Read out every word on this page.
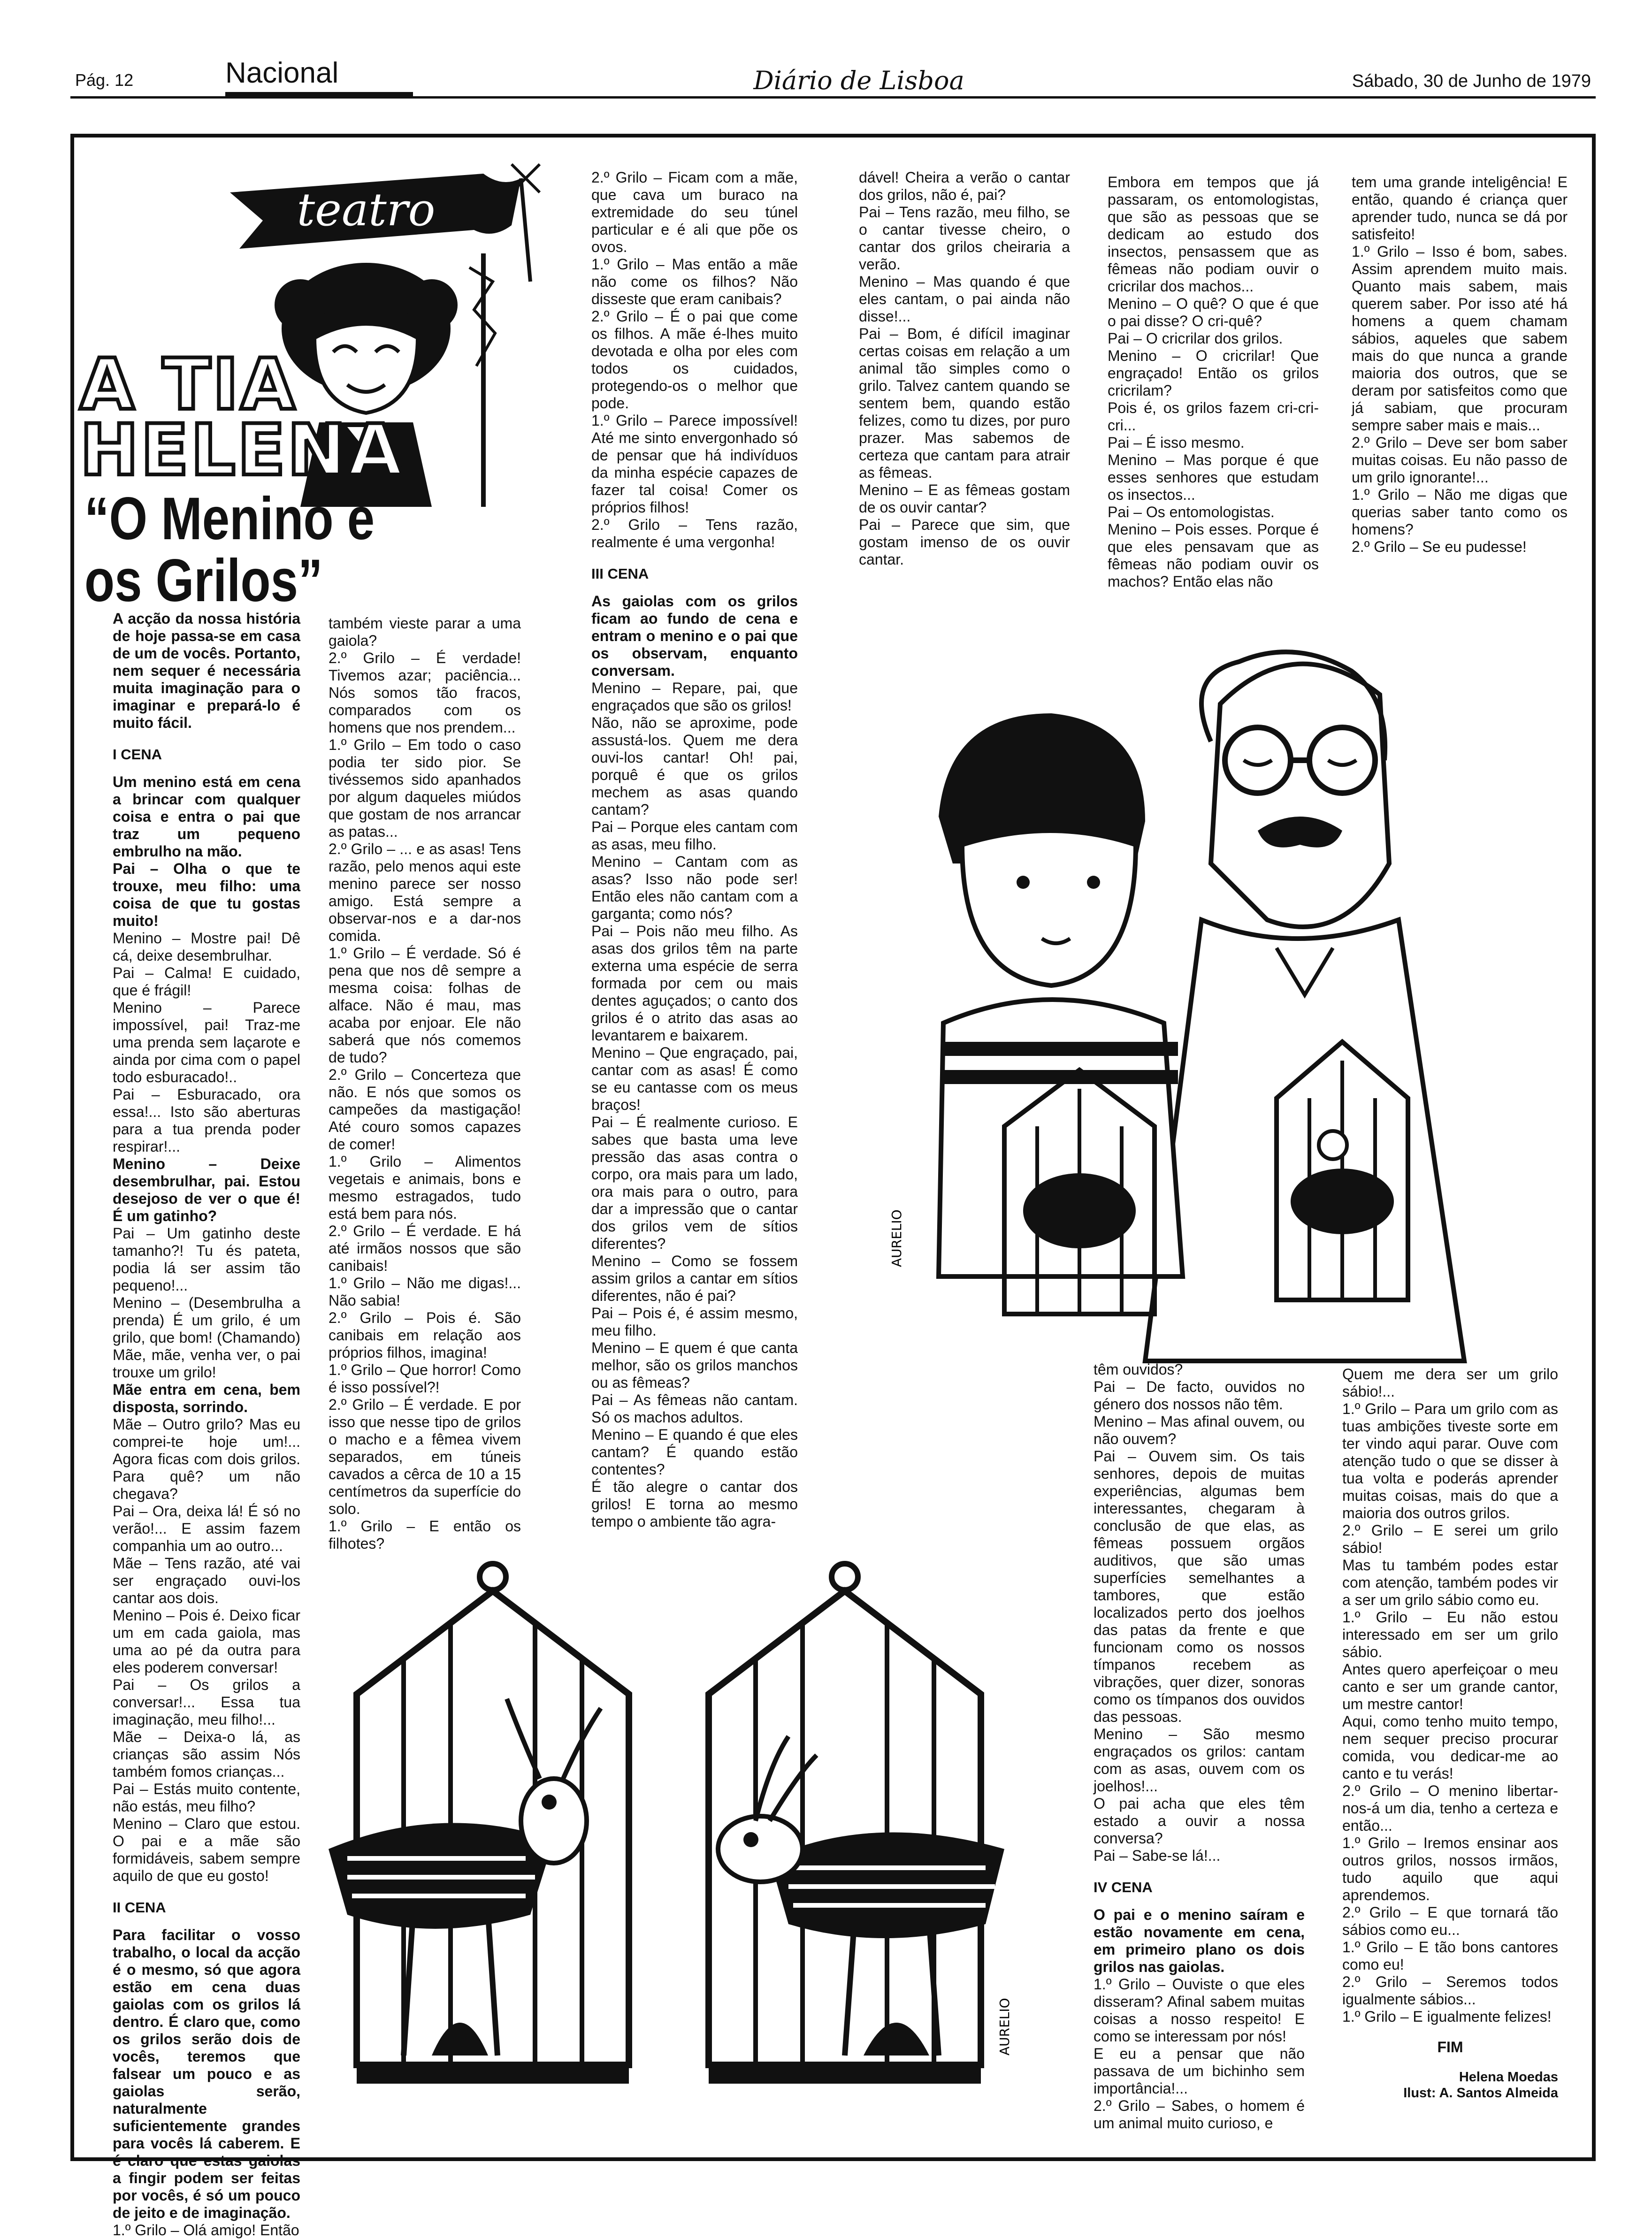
Pág. 12	Nacional	Diário de Lisboa	Sábado, 30 de Junho de 1979
teatro
A TIA
HELENA
“O Menino e os Grilos”

A acção da nossa história de hoje passa-se em casa de um de vocês. Portanto, nem sequer é necessária muita imaginação para o imaginar e prepará-lo é muito fácil.

I CENA

Um menino está em cena a brincar com qualquer coisa e entra o pai que traz um pequeno embrulho na mão.

Pai – Olha o que te trouxe, meu filho: uma coisa de que tu gostas muito!

Menino – Mostre pai! Dê cá, deixe desembrulhar.

Pai – Calma! E cuidado, que é frágil!

Menino – Parece impossível, pai! Traz-me uma prenda sem laçarote e ainda por cima com o papel todo esburacado!..

Pai – Esburacado, ora essa!... Isto são aberturas para a tua prenda poder respirar!...

Menino – Deixe desembrulhar, pai. Estou desejoso de ver o que é! É um gatinho?

Pai – Um gatinho deste tamanho?! Tu és pateta, podia lá ser assim tão pequeno!...

Menino – (Desembrulha a prenda) É um grilo, é um grilo, que bom! (Chamando) Mãe, mãe, venha ver, o pai trouxe um grilo!

Mãe entra em cena, bem disposta, sorrindo.

Mãe – Outro grilo? Mas eu comprei-te hoje um!... Agora ficas com dois grilos. Para quê? um não chegava?

Pai – Ora, deixa lá! É só no verão!... E assim fazem companhia um ao outro...

Mãe – Tens razão, até vai ser engraçado ouvi-los cantar aos dois.

Menino – Pois é. Deixo ficar um em cada gaiola, mas uma ao pé da outra para eles poderem conversar!

Pai – Os grilos a conversar!... Essa tua imaginação, meu filho!...

Mãe – Deixa-o lá, as crianças são assim Nós também fomos crianças...

Pai – Estás muito contente, não estás, meu filho?

Menino – Claro que estou. O pai e a mãe são formidáveis, sabem sempre aquilo de que eu gosto!

II CENA

Para facilitar o vosso trabalho, o local da acção é o mesmo, só que agora estão em cena duas gaiolas com os grilos lá dentro. É claro que, como os grilos serão dois de vocês, teremos que falsear um pouco e as gaiolas serão, naturalmente suficientemente grandes para vocês lá caberem. E é claro que estas gaiolas a fingir podem ser feitas por vocês, é só um pouco de jeito e de imaginação.

1.º Grilo – Olá amigo! Então

também vieste parar a uma gaiola?

2.º Grilo – É verdade! Tivemos azar; paciência... Nós somos tão fracos, comparados com os homens que nos prendem...

1.º Grilo – Em todo o caso podia ter sido pior. Se tivéssemos sido apanhados por algum daqueles miúdos que gostam de nos arrancar as patas...

2.º Grilo – ... e as asas! Tens razão, pelo menos aqui este menino parece ser nosso amigo. Está sempre a observar-nos e a dar-nos comida.

1.º Grilo – É verdade. Só é pena que nos dê sempre a mesma coisa: folhas de alface. Não é mau, mas acaba por enjoar. Ele não saberá que nós comemos de tudo?

2.º Grilo – Concerteza que não. E nós que somos os campeões da mastigação! Até couro somos capazes de comer!

1.º Grilo – Alimentos vegetais e animais, bons e mesmo estragados, tudo está bem para nós.

2.º Grilo – É verdade. E há até irmãos nossos que são canibais!

1.º Grilo – Não me digas!... Não sabia!

2.º Grilo – Pois é. São canibais em relação aos próprios filhos, imagina!

1.º Grilo – Que horror! Como é isso possível?!

2.º Grilo – É verdade. E por isso que nesse tipo de grilos o macho e a fêmea vivem separados, em túneis cavados a cêrca de 10 a 15 centímetros da superfície do solo.

1.º Grilo – E então os filhotes?

2.º Grilo – Ficam com a mãe, que cava um buraco na extremidade do seu túnel particular e é ali que põe os ovos.

1.º Grilo – Mas então a mãe não come os filhos? Não disseste que eram canibais?

2.º Grilo – É o pai que come os filhos. A mãe é-lhes muito devotada e olha por eles com todos os cuidados, protegendo-os o melhor que pode.

1.º Grilo – Parece impossível! Até me sinto envergonhado só de pensar que há indivíduos da minha espécie capazes de fazer tal coisa! Comer os próprios filhos!

2.º Grilo – Tens razão, realmente é uma vergonha!

III CENA

As gaiolas com os grilos ficam ao fundo de cena e entram o menino e o pai que os observam, enquanto conversam.

Menino – Repare, pai, que engraçados que são os grilos!

Não, não se aproxime, pode assustá-los. Quem me dera ouvi-los cantar! Oh! pai, porquê é que os grilos mechem as asas quando cantam?

Pai – Porque eles cantam com as asas, meu filho.

Menino – Cantam com as asas? Isso não pode ser! Então eles não cantam com a garganta; como nós?

Pai – Pois não meu filho. As asas dos grilos têm na parte externa uma espécie de serra formada por cem ou mais dentes aguçados; o canto dos grilos é o atrito das asas ao levantarem e baixarem.

Menino – Que engraçado, pai, cantar com as asas! É como se eu cantasse com os meus braços!

Pai – É realmente curioso. E sabes que basta uma leve pressão das asas contra o corpo, ora mais para um lado, ora mais para o outro, para dar a impressão que o cantar dos grilos vem de sítios diferentes?

Menino – Como se fossem assim grilos a cantar em sítios diferentes, não é pai?

Pai – Pois é, é assim mesmo, meu filho.

Menino – E quem é que canta melhor, são os grilos manchos ou as fêmeas?

Pai – As fêmeas não cantam. Só os machos adultos.

Menino – E quando é que eles cantam? É quando estão contentes?

É tão alegre o cantar dos grilos! E torna ao mesmo tempo o ambiente tão agra-

dável! Cheira a verão o cantar dos grilos, não é, pai?

Pai – Tens razão, meu filho, se o cantar tivesse cheiro, o cantar dos grilos cheiraria a verão.

Menino – Mas quando é que eles cantam, o pai ainda não disse!...

Pai – Bom, é difícil imaginar certas coisas em relação a um animal tão simples como o grilo. Talvez cantem quando se sentem bem, quando estão felizes, como tu dizes, por puro prazer. Mas sabemos de certeza que cantam para atrair as fêmeas.

Menino – E as fêmeas gostam de os ouvir cantar?

Pai – Parece que sim, que gostam imenso de os ouvir cantar.

Embora em tempos que já passaram, os entomologistas, que são as pessoas que se dedicam ao estudo dos insectos, pensassem que as fêmeas não podiam ouvir o cricrilar dos machos...

Menino – O quê? O que é que o pai disse? O cri-quê?

Pai – O cricrilar dos grilos.

Menino – O cricrilar! Que engraçado! Então os grilos cricrilam?

Pois é, os grilos fazem cri-cri-cri...

Pai – É isso mesmo.

Menino – Mas porque é que esses senhores que estudam os insectos...

Pai – Os entomologistas.

Menino – Pois esses. Porque é que eles pensavam que as fêmeas não podiam ouvir os machos? Então elas não

tem uma grande inteligência! E então, quando é criança quer aprender tudo, nunca se dá por satisfeito!

1.º Grilo – Isso é bom, sabes. Assim aprendem muito mais. Quanto mais sabem, mais querem saber. Por isso até há homens a quem chamam sábios, aqueles que sabem mais do que nunca a grande maioria dos outros, que se deram por satisfeitos como que já sabiam, que procuram sempre saber mais e mais...

2.º Grilo – Deve ser bom saber muitas coisas. Eu não passo de um grilo ignorante!...

1.º Grilo – Não me digas que querias saber tanto como os homens?

2.º Grilo – Se eu pudesse!

têm ouvidos?

Pai – De facto, ouvidos no género dos nossos não têm.

Menino – Mas afinal ouvem, ou não ouvem?

Pai – Ouvem sim. Os tais senhores, depois de muitas experiências, algumas bem interessantes, chegaram à conclusão de que elas, as fêmeas possuem orgãos auditivos, que são umas superfícies semelhantes a tambores, que estão localizados perto dos joelhos das patas da frente e que funcionam como os nossos tímpanos recebem as vibrações, quer dizer, sonoras como os tímpanos dos ouvidos das pessoas.

Menino – São mesmo engraçados os grilos: cantam com as asas, ouvem com os joelhos!...

O pai acha que eles têm estado a ouvir a nossa conversa?

Pai – Sabe-se lá!...

IV CENA

O pai e o menino saíram e estão novamente em cena, em primeiro plano os dois grilos nas gaiolas.

1.º Grilo – Ouviste o que eles disseram? Afinal sabem muitas coisas a nosso respeito! E como se interessam por nós!

E eu a pensar que não passava de um bichinho sem importância!...

2.º Grilo – Sabes, o homem é um animal muito curioso, e

Quem me dera ser um grilo sábio!...

1.º Grilo – Para um grilo com as tuas ambições tiveste sorte em ter vindo aqui parar. Ouve com atenção tudo o que se disser à tua volta e poderás aprender muitas coisas, mais do que a maioria dos outros grilos.

2.º Grilo – E serei um grilo sábio!

Mas tu também podes estar com atenção, também podes vir a ser um grilo sábio como eu.

1.º Grilo – Eu não estou interessado em ser um grilo sábio.

Antes quero aperfeiçoar o meu canto e ser um grande cantor, um mestre cantor!

Aqui, como tenho muito tempo, nem sequer preciso procurar comida, vou dedicar-me ao canto e tu verás!

2.º Grilo – O menino libertar-nos-á um dia, tenho a certeza e então...

1.º Grilo – Iremos ensinar aos outros grilos, nossos irmãos, tudo aquilo que aqui aprendemos.

2.º Grilo – E que tornará tão sábios como eu...

1.º Grilo – E tão bons cantores como eu!

2.º Grilo – Seremos todos igualmente sábios...

1.º Grilo – E igualmente felizes!

FIM

Helena Moedas

Ilust: A. Santos Almeida

AURELIO
AURELIO
